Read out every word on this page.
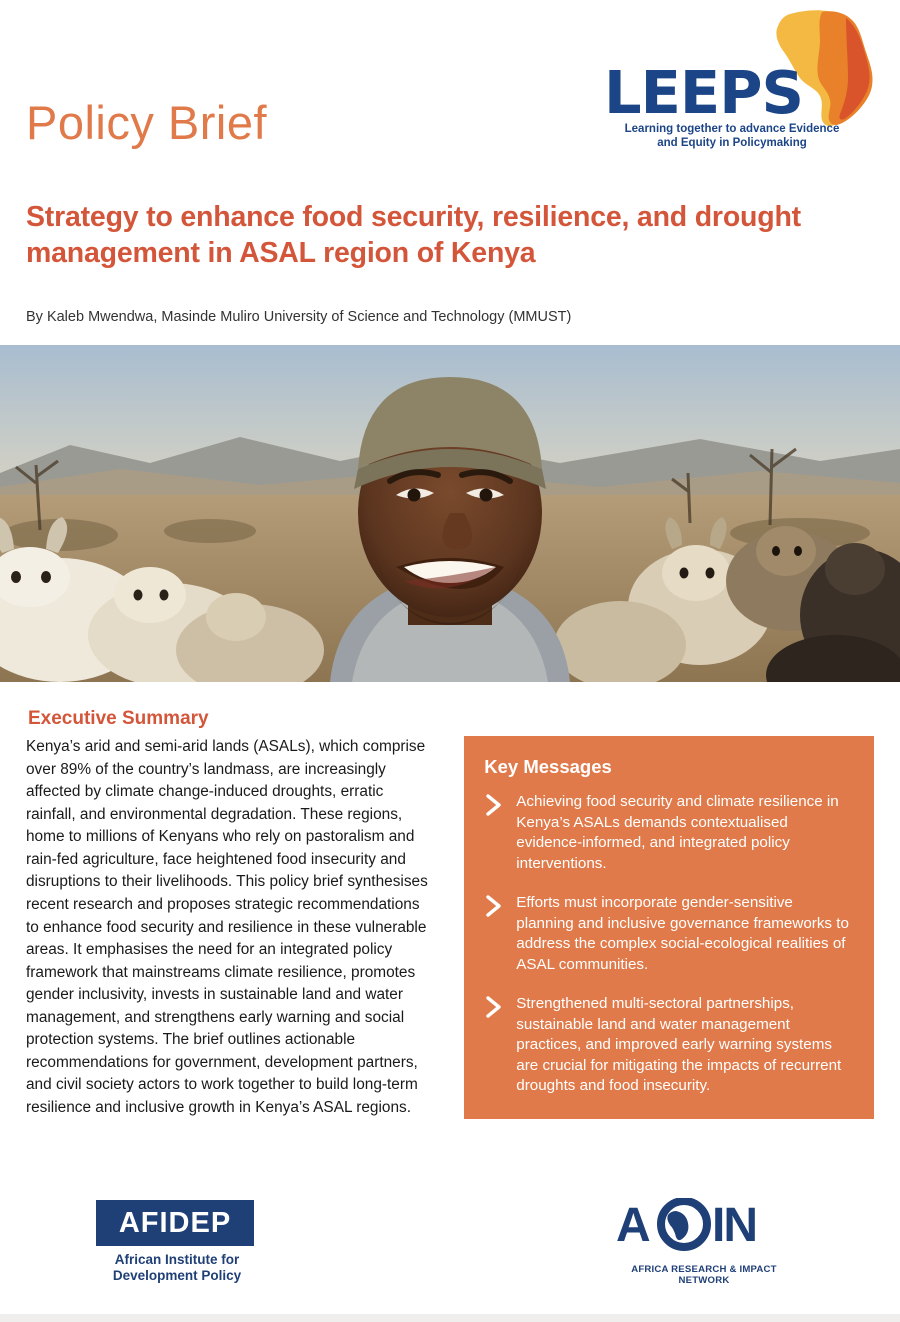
LEEPS
Learning together to advance Evidence and Equity in Policymaking
Policy Brief
Strategy to enhance food security, resilience, and drought management in ASAL region of Kenya
By Kaleb Mwendwa, Masinde Muliro University of Science and Technology (MMUST)
Executive Summary
Kenya’s arid and semi-arid lands (ASALs), which comprise over 89% of the country’s landmass, are increasingly affected by climate change-induced droughts, erratic rainfall, and environmental degradation. These regions, home to millions of Kenyans who rely on pastoralism and rain-fed agriculture, face heightened food insecurity and disruptions to their livelihoods. This policy brief synthesises recent research and proposes strategic recommendations to enhance food security and resilience in these vulnerable areas. It emphasises the need for an integrated policy framework that mainstreams climate resilience, promotes gender inclusivity, invests in sustainable land and water management, and strengthens early warning and social protection systems. The brief outlines actionable recommendations for government, development partners, and civil society actors to work together to build long-term resilience and inclusive growth in Kenya’s ASAL regions.
Key Messages
Achieving food security and climate resilience in Kenya’s ASALs demands contextualised evidence-informed, and integrated policy interventions.
Efforts must incorporate gender-sensitive planning and inclusive governance frameworks to address the complex social-ecological realities of ASAL communities.
Strengthened multi-sectoral partnerships, sustainable land and water management practices, and improved early warning systems are crucial for mitigating the impacts of recurrent droughts and food insecurity.
AFIDEP
African Institute for Development Policy
A IN
AFRICA RESEARCH & IMPACT NETWORK
